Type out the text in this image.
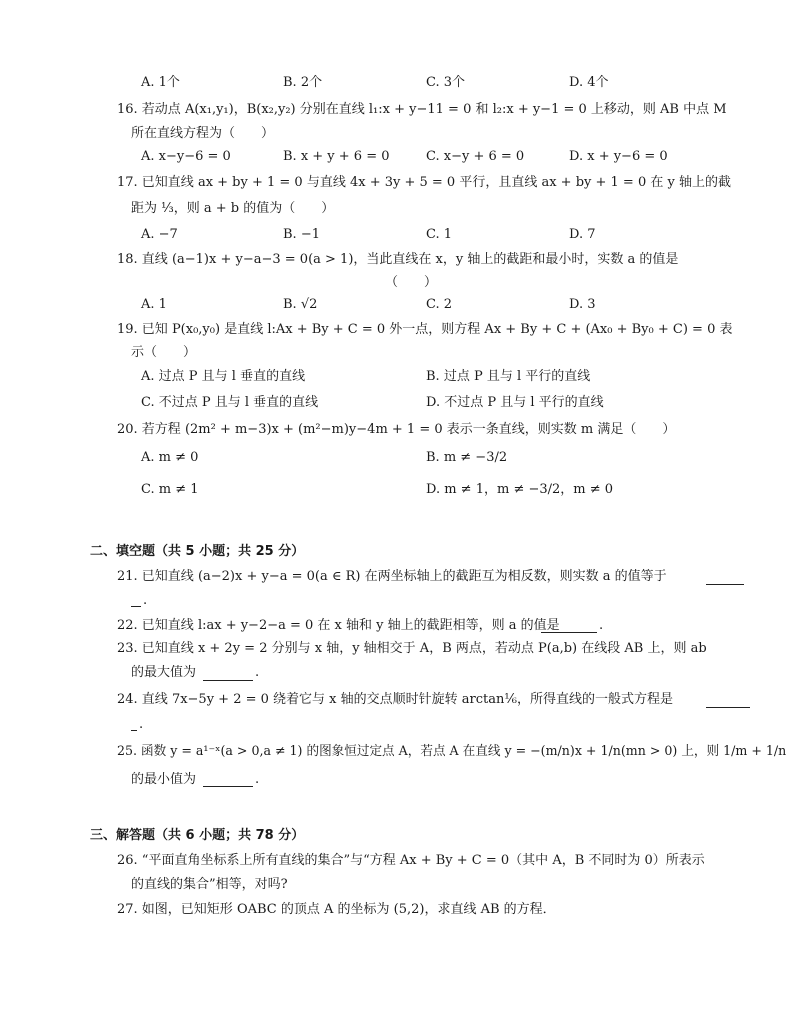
A. 1个	B. 2个	C. 3个	D. 4个
16. 若动点 A(x₁,y₁)，B(x₂,y₂) 分别在直线 l₁:x + y−11 = 0 和 l₂:x + y−1 = 0 上移动，则 AB 中点 M
所在直线方程为（　　）
A. x−y−6 = 0	B. x + y + 6 = 0	C. x−y + 6 = 0	D. x + y−6 = 0
17. 已知直线 ax + by + 1 = 0 与直线 4x + 3y + 5 = 0 平行，且直线 ax + by + 1 = 0 在 y 轴上的截
距为 ⅓，则 a + b 的值为（　　）
A. −7	B. −1	C. 1	D. 7
18. 直线 (a−1)x + y−a−3 = 0(a > 1)，当此直线在 x，y 轴上的截距和最小时，实数 a 的值是
（　　）
A. 1	B. √2	C. 2	D. 3
19. 已知 P(x₀,y₀) 是直线 l:Ax + By + C = 0 外一点，则方程 Ax + By + C + (Ax₀ + By₀ + C) = 0 表
示（　　）
A. 过点 P 且与 l 垂直的直线	B. 过点 P 且与 l 平行的直线
C. 不过点 P 且与 l 垂直的直线	D. 不过点 P 且与 l 平行的直线
20. 若方程 (2m² + m−3)x + (m²−m)y−4m + 1 = 0 表示一条直线，则实数 m 满足（　　）
A. m ≠ 0	B. m ≠ −3/2
C. m ≠ 1	D. m ≠ 1，m ≠ −3/2，m ≠ 0
二、填空题（共 5 小题；共 25 分）
21. 已知直线 (a−2)x + y−a = 0(a ∈ R) 在两坐标轴上的截距互为相反数，则实数 a 的值等于
.
22. 已知直线 l:ax + y−2−a = 0 在 x 轴和 y 轴上的截距相等，则 a 的值是	.
23. 已知直线 x + 2y = 2 分别与 x 轴，y 轴相交于 A，B 两点，若动点 P(a,b) 在线段 AB 上，则 ab
的最大值为	.
24. 直线 7x−5y + 2 = 0 绕着它与 x 轴的交点顺时针旋转 arctan⅙，所得直线的一般式方程是
.
25. 函数 y = a¹⁻ˣ(a > 0,a ≠ 1) 的图象恒过定点 A，若点 A 在直线 y = −(m/n)x + 1/n(mn > 0) 上，则 1/m + 1/n
的最小值为	.
三、解答题（共 6 小题；共 78 分）
26. “平面直角坐标系上所有直线的集合”与“方程 Ax + By + C = 0（其中 A，B 不同时为 0）所表示
的直线的集合”相等，对吗?
27. 如图，已知矩形 OABC 的顶点 A 的坐标为 (5,2)，求直线 AB 的方程．
